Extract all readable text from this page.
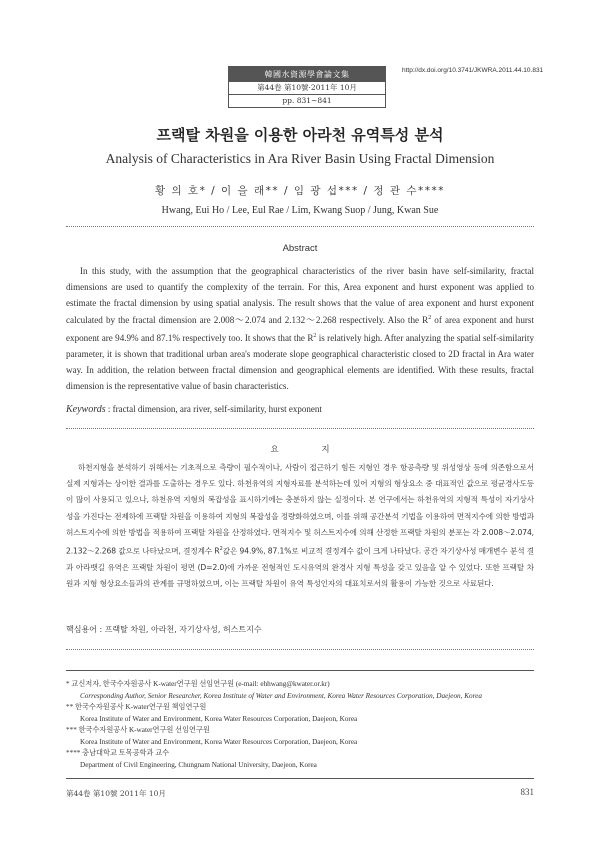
韓國水資源學會論文集
第44卷 第10號·2011年 10月
pp. 831~841
http://dx.doi.org/10.3741/JKWRA.2011.44.10.831
프랙탈 차원을 이용한 아라천 유역특성 분석
Analysis of Characteristics in Ara River Basin Using Fractal Dimension
황 의 호* / 이 을 래** / 임 광 섭*** / 정 관 수****
Hwang, Eui Ho / Lee, Eul Rae / Lim, Kwang Suop / Jung, Kwan Sue
Abstract

In this study, with the assumption that the geographical characteristics of the river basin have self-similarity, fractal dimensions are used to quantify the complexity of the terrain. For this, Area exponent and hurst exponent was applied to estimate the fractal dimension by using spatial analysis. The result shows that the value of area exponent and hurst exponent calculated by the fractal dimension are 2.008～2.074 and 2.132～2.268 respectively. Also the $R^2$ of area exponent and hurst exponent are 94.9% and 87.1% respectively too. It shows that the $R^2$ is relatively high. After analyzing the spatial self-similarity parameter, it is shown that traditional urban area's moderate slope geographical characteristic closed to 2D fractal in Ara water way. In addition, the relation between fractal dimension and geographical elements are identified. With these results, fractal dimension is the representative value of basin characteristics.

Keywords : fractal dimension, ara river, self-similarity, hurst exponent
요 지

하천지형을 분석하기 위해서는 기초적으로 측량이 필수적이나, 사람이 접근하기 힘든 지형인 경우 항공측량 및 위성영상 등에 의존함으로서 실제 지형과는 상이한 결과를 도출하는 경우도 있다. 하천유역의 지형자료를 분석하는데 있어 지형의 형상요소 중 대표적인 값으로 평균경사도등이 많이 사용되고 있으나, 하천유역 지형의 복잡성을 표시하기에는 충분하지 않는 실정이다. 본 연구에서는 하천유역의 지형적 특성이 자기상사성을 가진다는 전제하에 프랙탈 차원을 이용하여 지형의 복잡성을 정량화하였으며, 이를 위해 공간분석 기법을 이용하여 면적지수에 의한 방법과 허스트지수에 의한 방법을 적용하여 프랙탈 차원을 산정하였다. 면적지수 및 허스트지수에 의해 산정한 프랙탈 차원의 분포는 각 2.008～2.074, 2.132～2.268 값으로 나타났으며, 결정계수 $R^2$값은 94.9%, 87.1%로 비교적 결정계수 값이 크게 나타났다. 공간 자기상사성 매개변수 분석 결과 아라뱃길 유역은 프랙탈 차원이 평면 (D=2.0)에 가까운 전형적인 도시유역의 완경사 지형 특성을 갖고 있음을 알 수 있었다. 또한 프랙탈 차원과 지형 형상요소들과의 관계를 규명하였으며, 이는 프랙탈 차원이 유역 특성인자의 대표치로서의 활용이 가능한 것으로 사료된다.

핵심용어 : 프랙탈 차원, 아라천, 자기상사성, 허스트지수
* 교신저자, 한국수자원공사 K-water연구원 선임연구원 (e-mail: ehhwang@kwater.or.kr)
Corresponding Author, Senior Researcher, Korea Institute of Water and Environment, Korea Water Resources Corporation, Daejeon, Korea
** 한국수자원공사 K-water연구원 책임연구원
Korea Institute of Water and Environment, Korea Water Resources Corporation, Daejeon, Korea
*** 한국수자원공사 K-water연구원 선임연구원
Korea Institute of Water and Environment, Korea Water Resources Corporation, Daejeon, Korea
**** 충남대학교 토목공학과 교수
Department of Civil Engineering, Chungnam National University, Daejeon, Korea
第44卷 第10號 2011年 10月	831
